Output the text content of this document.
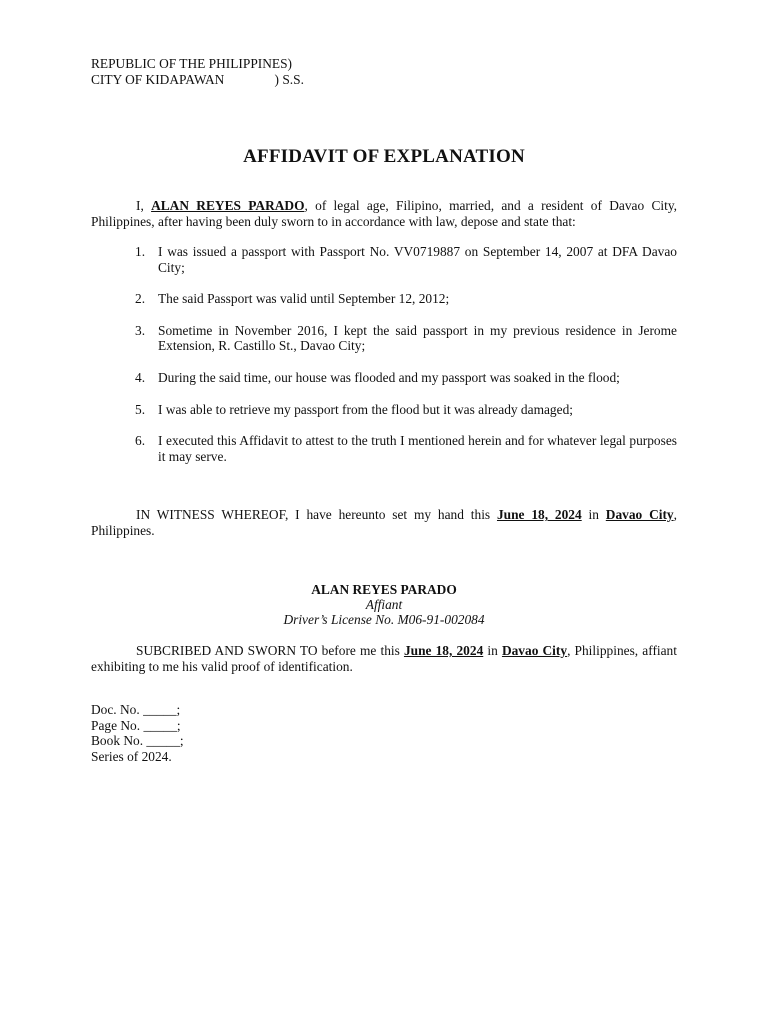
REPUBLIC OF THE PHILIPPINES)
CITY OF KIDAPAWAN               ) S.S.
AFFIDAVIT OF EXPLANATION
I, ALAN REYES PARADO, of legal age, Filipino, married, and a resident of Davao City, Philippines, after having been duly sworn to in accordance with law, depose and state that:
1. I was issued a passport with Passport No. VV0719887 on September 14, 2007 at DFA Davao City;
2. The said Passport was valid until September 12, 2012;
3. Sometime in November 2016, I kept the said passport in my previous residence in Jerome Extension, R. Castillo St., Davao City;
4. During the said time, our house was flooded and my passport was soaked in the flood;
5. I was able to retrieve my passport from the flood but it was already damaged;
6. I executed this Affidavit to attest to the truth I mentioned herein and for whatever legal purposes it may serve.
IN WITNESS WHEREOF, I have hereunto set my hand this June 18, 2024 in Davao City, Philippines.
ALAN REYES PARADO
Affiant
Driver’s License No. M06-91-002084
SUBCRIBED AND SWORN TO before me this June 18, 2024 in Davao City, Philippines, affiant exhibiting to me his valid proof of identification.
Doc. No. _____;
Page No. _____;
Book No. _____;
Series of 2024.
